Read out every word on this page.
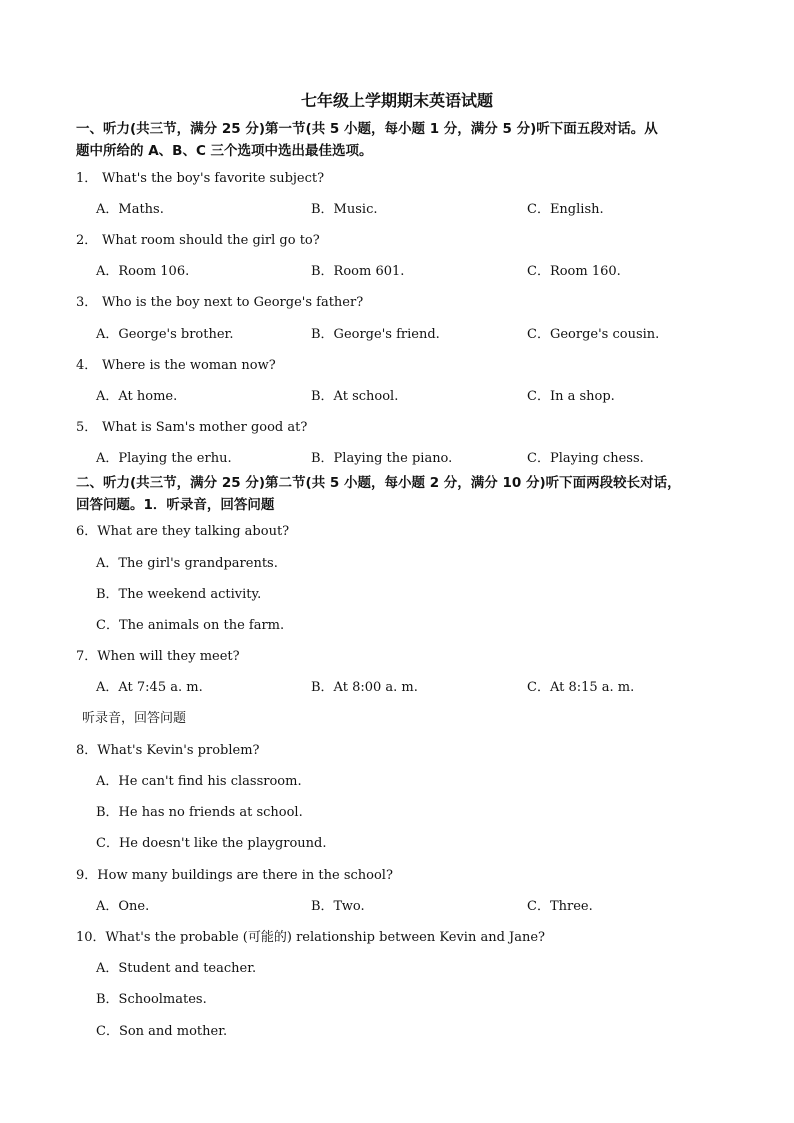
七年级上学期期末英语试题
一、听力(共三节，满分 25 分)第一节(共 5 小题，每小题 1 分，满分 5 分)听下面五段对话。从
题中所给的 A、B、C 三个选项中选出最佳选项。
1． What's the boy's favorite subject?
A．Maths.	B．Music.	C．English.
2． What room should the girl go to?
A．Room 106.	B．Room 601.	C．Room 160.
3． Who is the boy next to George's father?
A．George's brother.	B．George's friend.	C．George's cousin.
4． Where is the woman now?
A．At home.	B．At school.	C．In a shop.
5． What is Sam's mother good at?
A．Playing the erhu.	B．Playing the piano.	C．Playing chess.
二、听力(共三节，满分 25 分)第二节(共 5 小题，每小题 2 分，满分 10 分)听下面两段较长对话，
回答问题。1．听录音，回答问题
6．What are they talking about?
A．The girl's grandparents.
B．The weekend activity.
C．The animals on the farm.
7．When will they meet?
A．At 7:45 a. m.	B．At 8:00 a. m.	C．At 8:15 a. m.
听录音，回答问题
8．What's Kevin's problem?
A．He can't find his classroom.
B．He has no friends at school.
C．He doesn't like the playground.
9．How many buildings are there in the school?
A．One.	B．Two.	C．Three.
10．What's the probable (可能的) relationship between Kevin and Jane?
A．Student and teacher.
B．Schoolmates.
C．Son and mother.
